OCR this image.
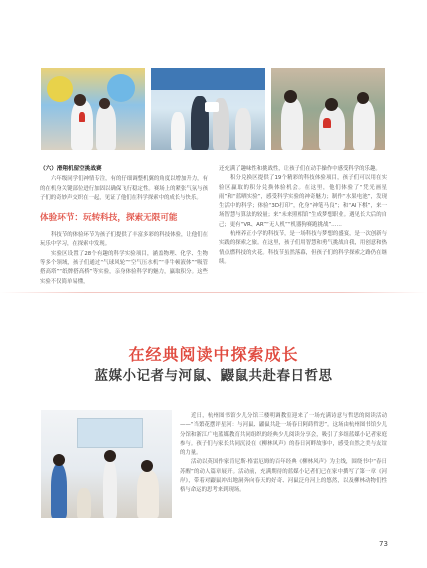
（六）滑翔机留空挑战赛

六年级同学们神情专注，有的仔细调整机翼的角度以增加升力，有的在机身关键部位进行加固以确保飞行稳定性。赛场上的紧张气氛与孩子们的奇妙声交织在一起，见证了他们在科学探索中的成长与快乐。

体验环节：玩转科技，探索无限可能

科技节的体验环节为孩子们提供了丰富多彩的科技体验，让他们在玩乐中学习，在探索中发现。

实验区设置了28个有趣的科学实验项目，涵盖物理、化学、生物等多个领域，孩子们通过“气球风轮”“空气压水机”“非牛顿液体”“吸管搭高塔”“纸牌搭高桥”等实验，亲身体验科学的魅力，赢取积分。这些实验不仅简单易懂，

还充满了趣味性和挑战性，让孩子们在动手操作中感受科学的乐趣。

积分兑换区提供了19个精彩的科技体验项目，孩子们可以用在实验区赢取的积分兑换体验机会。在这里，他们体验了“凭光画星雨”和“蓝晒实验”，感受科学实验的神奇魅力；制作“水果电池”，发现生活中的科学；体验“3D打印”，化身“神笔马良”；和“AI下棋”，来一场智慧与算法的较量；来“未来照相馆”生成梦想职业。遇见长大后的自己；更有“VR、AR”“无人机”“机器狗赛跑挑战”……

杭州养正小学的科技节，是一场科技与梦想的盛宴，是一次创新与实践的探索之旅。在这里，孩子们用智慧和勇气挑战自我，用创意和热情点燃科技的火花。科技节虽然落幕，但孩子们的科学探索之路仍在继续。

在经典阅读中探索成长
蓝媒小记者与河鼠、鼹鼠共赴春日哲思

近日，杭州图书馆少儿分馆三楼明调教室迎来了一场充满诗意与哲思的阅读活动——“当繁花摆评星河：与河鼠、鼹鼠共赴一场春日阿蒔哲思”。这场由杭州图书馆少儿分馆和浙江广电蓝媒教育共同组织的经典少儿阅读分享会，吸引了多组蓝媒小记者家庭参与。孩子们与家长共同沉浸在《柳林风声》的春日河畔故事中，感受自然之美与友谊的力量。

活动以英国作家肯尼斯·格雷厄姆的百年经典《柳林风声》为主线，围绕书中“春日苏醒”的动人篇章展开。活动前，充满期待的蓝媒小记者们已在家中撰写了第一章《河岸》，带着对鼹鼠冲出地洞奔向春天的好奇、河鼠泛舟河上的悠然，以及柳林动物们性格与命运的思考来到现场。

73
